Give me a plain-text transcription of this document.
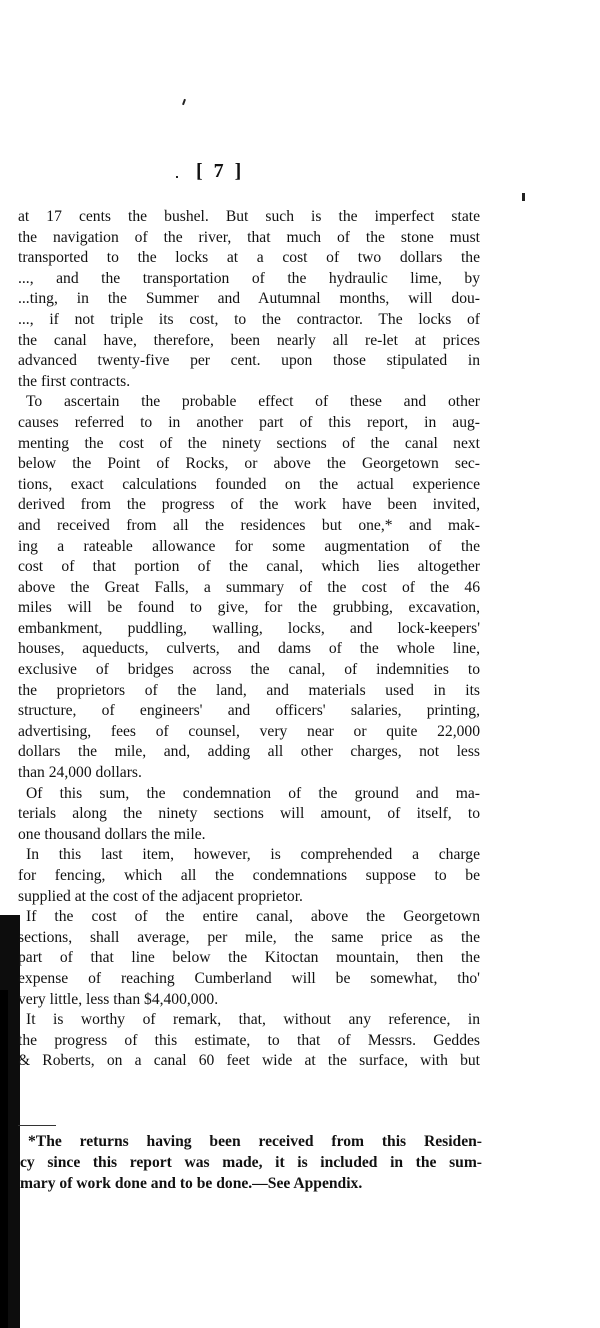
[ 7 ]
at 17 cents the bushel. But such is the imperfect state
the navigation of the river, that much of the stone must
transported to the locks at a cost of two dollars the
..., and the transportation of the hydraulic lime, by
...ting, in the Summer and Autumnal months, will dou-
..., if not triple its cost, to the contractor. The locks of
the canal have, therefore, been nearly all re-let at prices
advanced twenty-five per cent. upon those stipulated in
the first contracts.
To ascertain the probable effect of these and other
causes referred to in another part of this report, in aug-
menting the cost of the ninety sections of the canal next
below the Point of Rocks, or above the Georgetown sec-
tions, exact calculations founded on the actual experience
derived from the progress of the work have been invited,
and received from all the residences but one,* and mak-
ing a rateable allowance for some augmentation of the
cost of that portion of the canal, which lies altogether
above the Great Falls, a summary of the cost of the 46
miles will be found to give, for the grubbing, excavation,
embankment, puddling, walling, locks, and lock-keepers'
houses, aqueducts, culverts, and dams of the whole line,
exclusive of bridges across the canal, of indemnities to
the proprietors of the land, and materials used in its
structure, of engineers' and officers' salaries, printing,
advertising, fees of counsel, very near or quite 22,000
dollars the mile, and, adding all other charges, not less
than 24,000 dollars.
Of this sum, the condemnation of the ground and ma-
terials along the ninety sections will amount, of itself, to
one thousand dollars the mile.
In this last item, however, is comprehended a charge
for fencing, which all the condemnations suppose to be
supplied at the cost of the adjacent proprietor.
If the cost of the entire canal, above the Georgetown
sections, shall average, per mile, the same price as the
part of that line below the Kitoctan mountain, then the
expense of reaching Cumberland will be somewhat, tho'
very little, less than $4,400,000.
It is worthy of remark, that, without any reference, in
the progress of this estimate, to that of Messrs. Geddes
& Roberts, on a canal 60 feet wide at the surface, with but
*The returns having been received from this Residen-
cy since this report was made, it is included in the sum-
mary of work done and to be done.—See Appendix.
